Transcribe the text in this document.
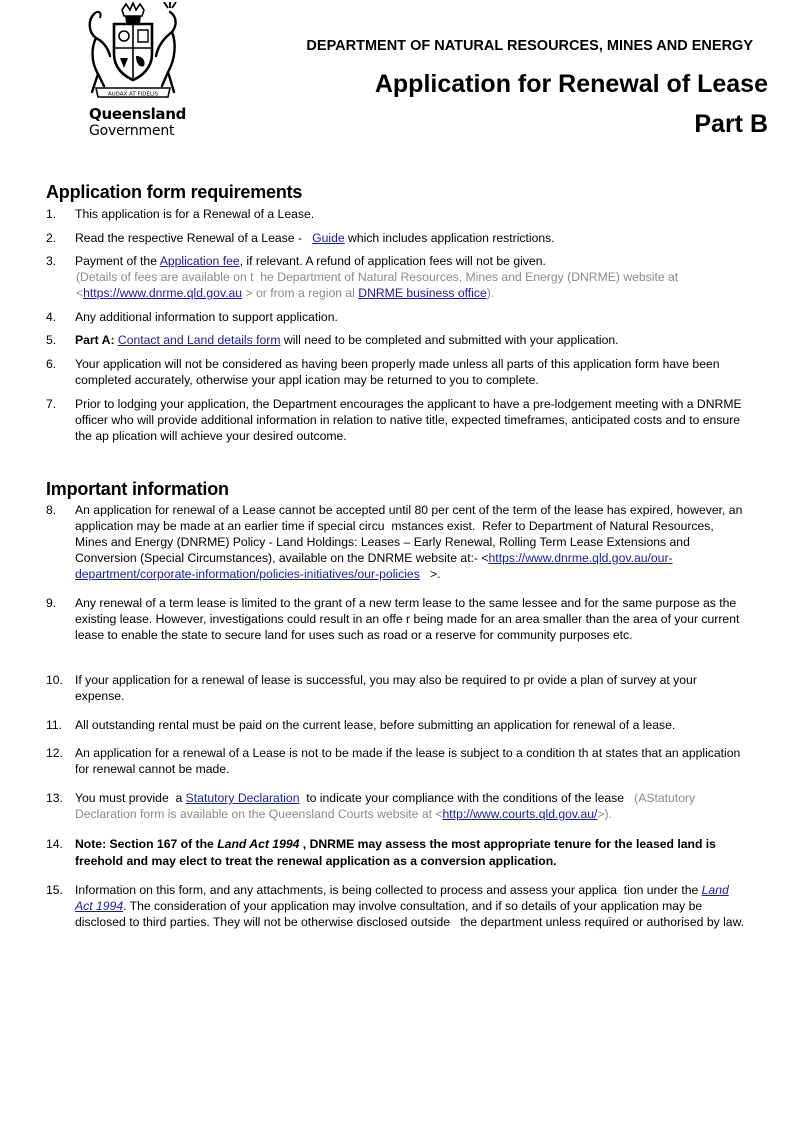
AUDAX AT FIDELIS
Queensland
Government
DEPARTMENT OF NATURAL RESOURCES, MINES AND ENERGY
Application for Renewal of Lease
Part B
Application form requirements
1. This application is for a Renewal of a Lease.
2. Read the respective Renewal of a Lease -   Guide which includes application restrictions.
3. Payment of the Application fee, if relevant. A refund of application fees will not be given.
(Details of fees are available on t  he Department of Natural Resources, Mines and Energy (DNRME) website at <https://www.dnrme.qld.gov.au > or from a region al DNRME business office).
4. Any additional information to support application.
5. Part A: Contact and Land details form will need to be completed and submitted with your application.
6. Your application will not be considered as having been properly made unless all parts of this application form have been completed accurately, otherwise your appl ication may be returned to you to complete.
7. Prior to lodging your application, the Department encourages the applicant to have a pre-lodgement meeting with a DNRME officer who will provide additional information in relation to native title, expected timeframes, anticipated costs and to ensure the ap plication will achieve your desired outcome.
Important information
8. An application for renewal of a Lease cannot be accepted until 80 per cent of the term of the lease has expired, however, an application may be made at an earlier time if special circu  mstances exist.  Refer to Department of Natural Resources, Mines and Energy (DNRME) Policy - Land Holdings: Leases – Early Renewal, Rolling Term Lease Extensions and Conversion (Special Circumstances), available on the DNRME website at:- <https://www.dnrme.qld.gov.au/our-department/corporate-information/policies-initiatives/our-policies   >.
9. Any renewal of a term lease is limited to the grant of a new term lease to the same lessee and for the same purpose as the existing lease. However, investigations could result in an offe r being made for an area smaller than the area of your current lease to enable the state to secure land for uses such as road or a reserve for community purposes etc.
10. If your application for a renewal of lease is successful, you may also be required to pr ovide a plan of survey at your expense.
11. All outstanding rental must be paid on the current lease, before submitting an application for renewal of a lease.
12. An application for a renewal of a Lease is not to be made if the lease is subject to a condition th at states that an application for renewal cannot be made.
13. You must provide  a Statutory Declaration  to indicate your compliance with the conditions of the lease   (AStatutory Declaration form is available on the Queensland Courts website at <http://www.courts.qld.gov.au/>).
14. Note: Section 167 of the Land Act 1994 , DNRME may assess the most appropriate tenure for the leased land is freehold and may elect to treat the renewal application as a conversion application.
15. Information on this form, and any attachments, is being collected to process and assess your applica  tion under the Land Act 1994. The consideration of your application may involve consultation, and if so details of your application may be disclosed to third parties. They will not be otherwise disclosed outside   the department unless required or authorised by law.
